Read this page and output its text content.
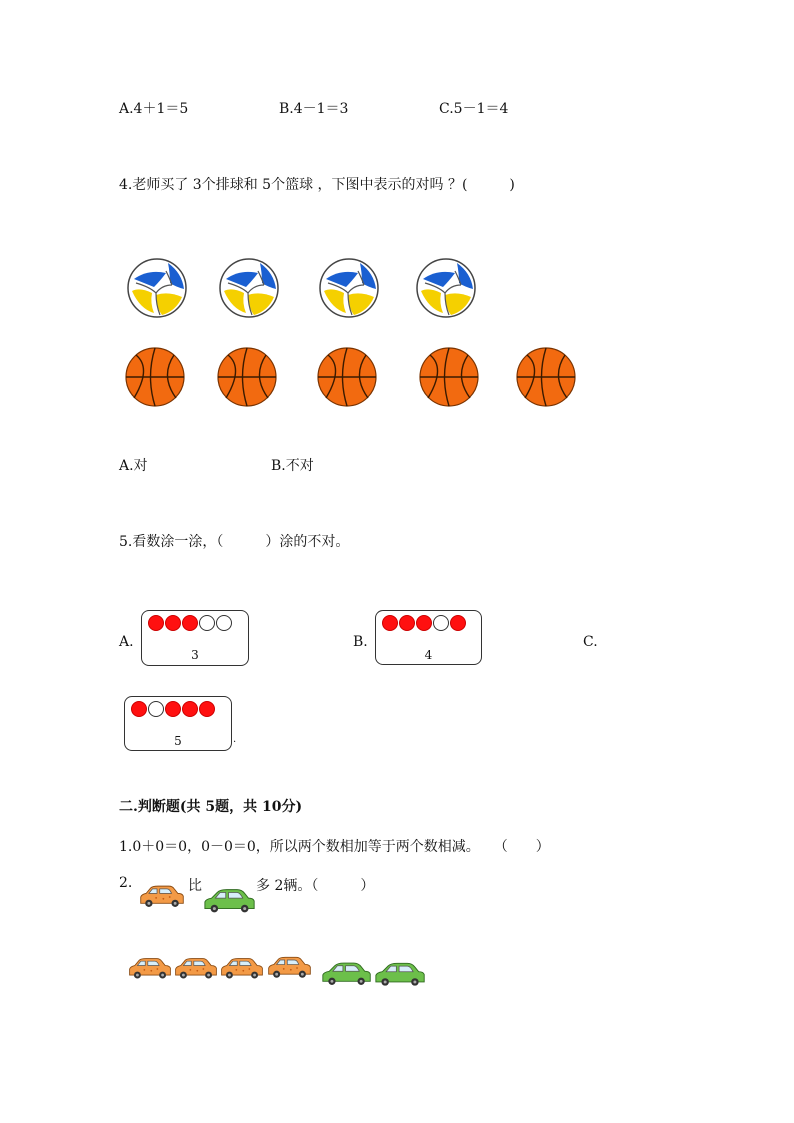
A.4＋1＝5	B.4－1＝3	C.5－1＝4
4.老师买了 3个排球和 5个篮球 ，下图中表示的对吗 ？(　　　)
A.对	B.不对
5.看数涂一涂，（　　　）涂的不对。
A.
3
B.
4
C.
5	.
二.判断题(共 5题，共 10分)
1.0＋0＝0，0－0＝0，所以两个数相加等于两个数相减。　　（　　）
2.	比	多 2辆。（　　　）
